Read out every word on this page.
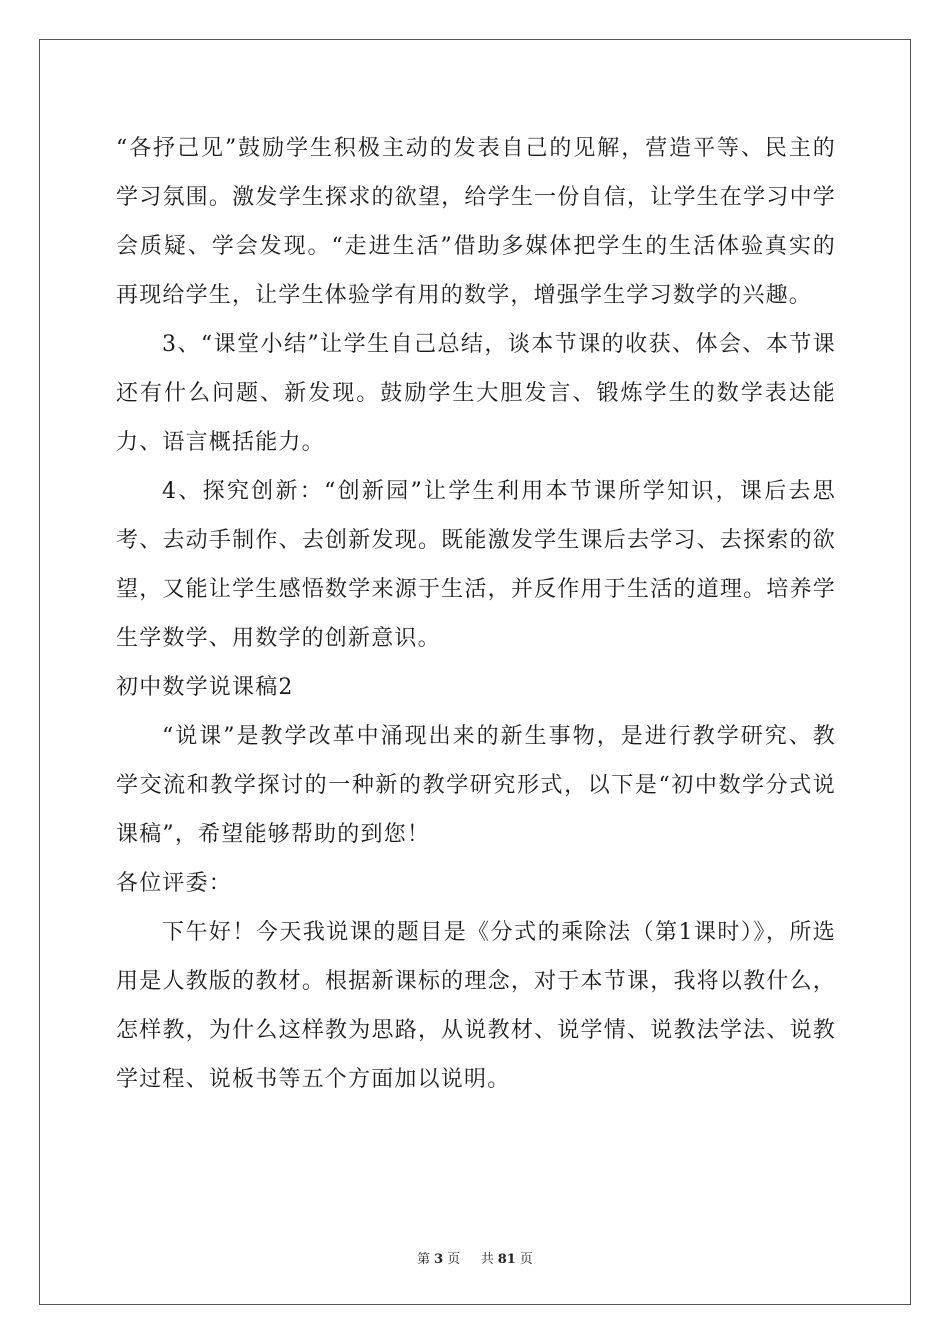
“各抒己见”鼓励学生积极主动的发表自己的见解，营造平等、民主的学习氛围。激发学生探求的欲望，给学生一份自信，让学生在学习中学会质疑、学会发现。“走进生活”借助多媒体把学生的生活体验真实的再现给学生，让学生体验学有用的数学，增强学生学习数学的兴趣。

3、“课堂小结”让学生自己总结，谈本节课的收获、体会、本节课还有什么问题、新发现。鼓励学生大胆发言、锻炼学生的数学表达能力、语言概括能力。

4、探究创新：“创新园”让学生利用本节课所学知识，课后去思考、去动手制作、去创新发现。既能激发学生课后去学习、去探索的欲望，又能让学生感悟数学来源于生活，并反作用于生活的道理。培养学生学数学、用数学的创新意识。

初中数学说课稿2

“说课”是教学改革中涌现出来的新生事物，是进行教学研究、教学交流和教学探讨的一种新的教学研究形式，以下是“初中数学分式说课稿”，希望能够帮助的到您！

各位评委：

下午好！今天我说课的题目是《分式的乘除法（第1课时）》，所选用是人教版的教材。根据新课标的理念，对于本节课，我将以教什么，怎样教，为什么这样教为思路，从说教材、说学情、说教法学法、说教学过程、说板书等五个方面加以说明。

第 3 页 共 81 页
